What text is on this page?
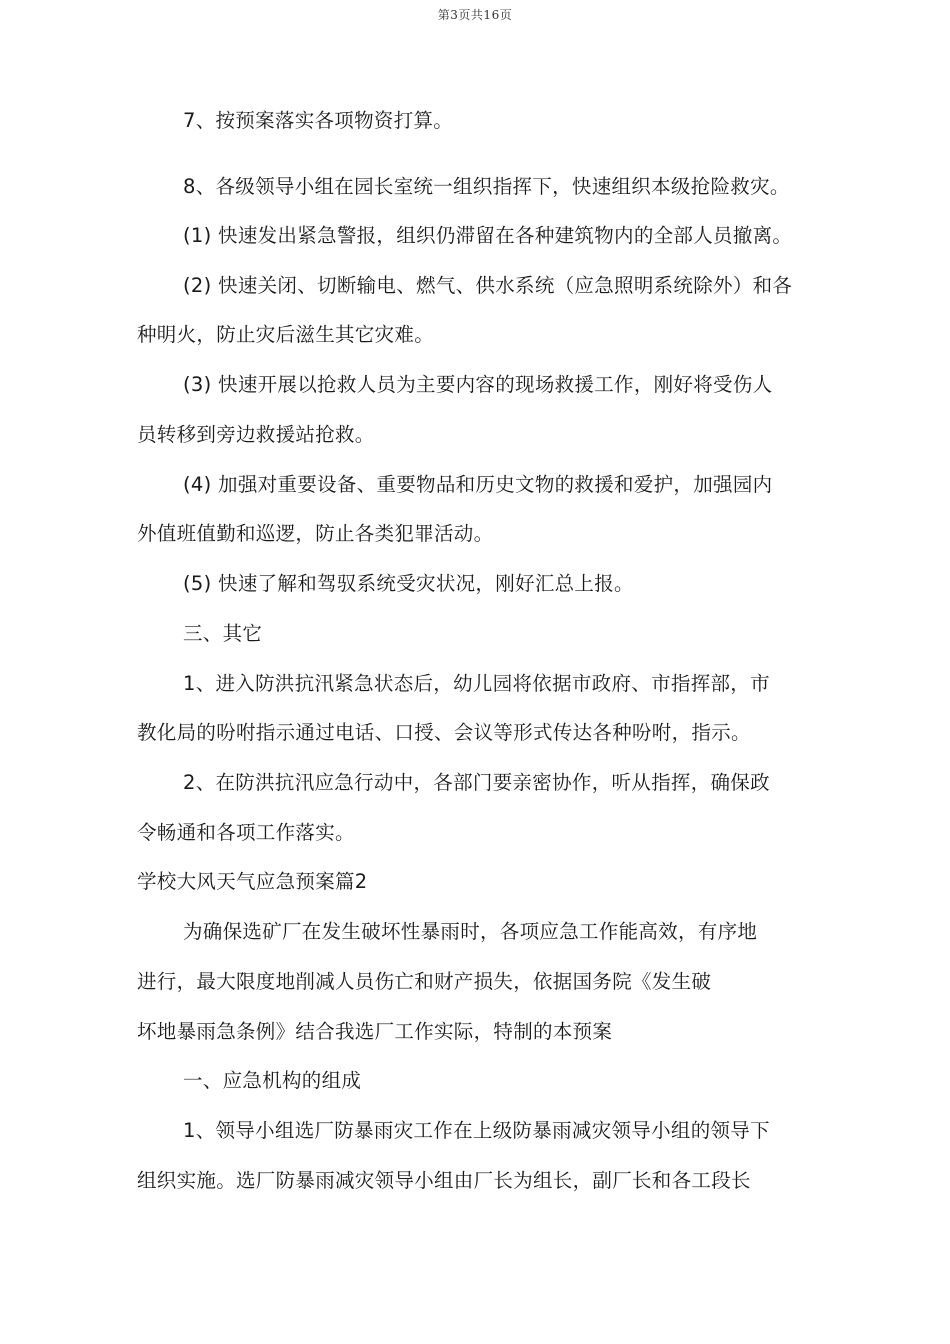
第3页共16页
7、按预案落实各项物资打算。
8、各级领导小组在园长室统一组织指挥下，快速组织本级抢险救灾。
(1) 快速发出紧急警报，组织仍滞留在各种建筑物内的全部人员撤离。
(2) 快速关闭、切断输电、燃气、供水系统（应急照明系统除外）和各
种明火，防止灾后滋生其它灾难。
(3) 快速开展以抢救人员为主要内容的现场救援工作，刚好将受伤人
员转移到旁边救援站抢救。
(4) 加强对重要设备、重要物品和历史文物的救援和爱护，加强园内
外值班值勤和巡逻，防止各类犯罪活动。
(5) 快速了解和驾驭系统受灾状况，刚好汇总上报。
三、其它
1、进入防洪抗汛紧急状态后，幼儿园将依据市政府、市指挥部，市
教化局的吩咐指示通过电话、口授、会议等形式传达各种吩咐，指示。
2、在防洪抗汛应急行动中，各部门要亲密协作，听从指挥，确保政
令畅通和各项工作落实。
学校大风天气应急预案篇2
为确保选矿厂在发生破坏性暴雨时，各项应急工作能高效，有序地
进行，最大限度地削减人员伤亡和财产损失，依据国务院《发生破
坏地暴雨急条例》结合我选厂工作实际，特制的本预案
一、应急机构的组成
1、领导小组选厂防暴雨灾工作在上级防暴雨减灾领导小组的领导下
组织实施。选厂防暴雨减灾领导小组由厂长为组长，副厂长和各工段长
